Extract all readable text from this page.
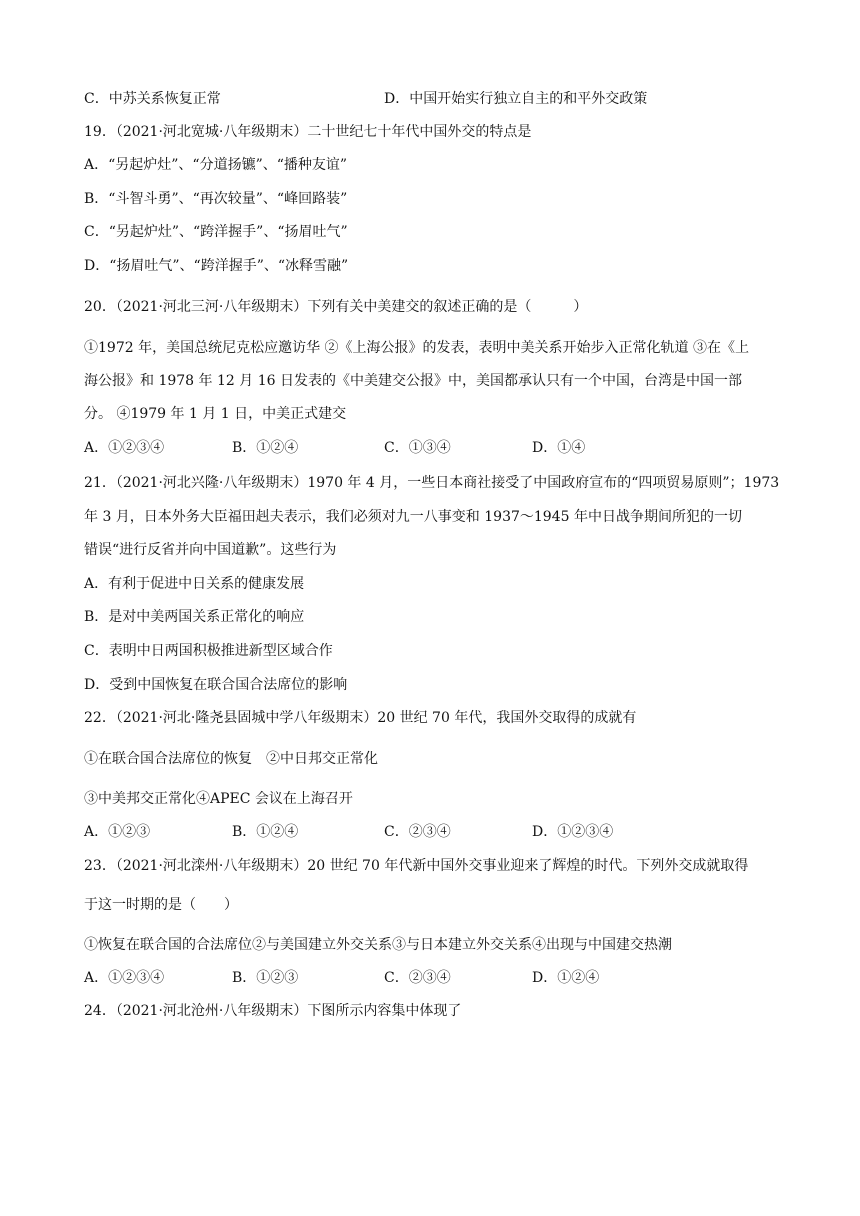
C．中苏关系恢复正常	D．中国开始实行独立自主的和平外交政策
19．（2021·河北宽城·八年级期末）二十世纪七十年代中国外交的特点是
A．“另起炉灶”、“分道扬镳”、“播种友谊”
B．“斗智斗勇”、“再次较量”、“峰回路装”
C．“另起炉灶”、“跨洋握手”、“扬眉吐气”
D．“扬眉吐气”、“跨洋握手”、“冰释雪融”
20．（2021·河北三河·八年级期末）下列有关中美建交的叙述正确的是（　　　）
①1972 年，美国总统尼克松应邀访华 ②《上海公报》的发表，表明中美关系开始步入正常化轨道 ③在《上
海公报》和 1978 年 12 月 16 日发表的《中美建交公报》中，美国都承认只有一个中国，台湾是中国一部
分。 ④1979 年 1 月 1 日，中美正式建交
A．①②③④	B．①②④	C．①③④	D．①④
21．（2021·河北兴隆·八年级期末）1970 年 4 月，一些日本商社接受了中国政府宣布的“四项贸易原则”；1973
年 3 月，日本外务大臣福田赳夫表示，我们必须对九一八事变和 1937～1945 年中日战争期间所犯的一切
错误“进行反省并向中国道歉”。这些行为
A．有利于促进中日关系的健康发展
B．是对中美两国关系正常化的响应
C．表明中日两国积极推进新型区域合作
D．受到中国恢复在联合国合法席位的影响
22．（2021·河北·隆尧县固城中学八年级期末）20 世纪 70 年代，我国外交取得的成就有
①在联合国合法席位的恢复　②中日邦交正常化
③中美邦交正常化④APEC 会议在上海召开
A．①②③	B．①②④	C．②③④	D．①②③④
23．（2021·河北滦州·八年级期末）20 世纪 70 年代新中国外交事业迎来了辉煌的时代。下列外交成就取得
于这一时期的是（　　）
①恢复在联合国的合法席位②与美国建立外交关系③与日本建立外交关系④出现与中国建交热潮
A．①②③④	B．①②③	C．②③④	D．①②④
24．（2021·河北沧州·八年级期末）下图所示内容集中体现了
